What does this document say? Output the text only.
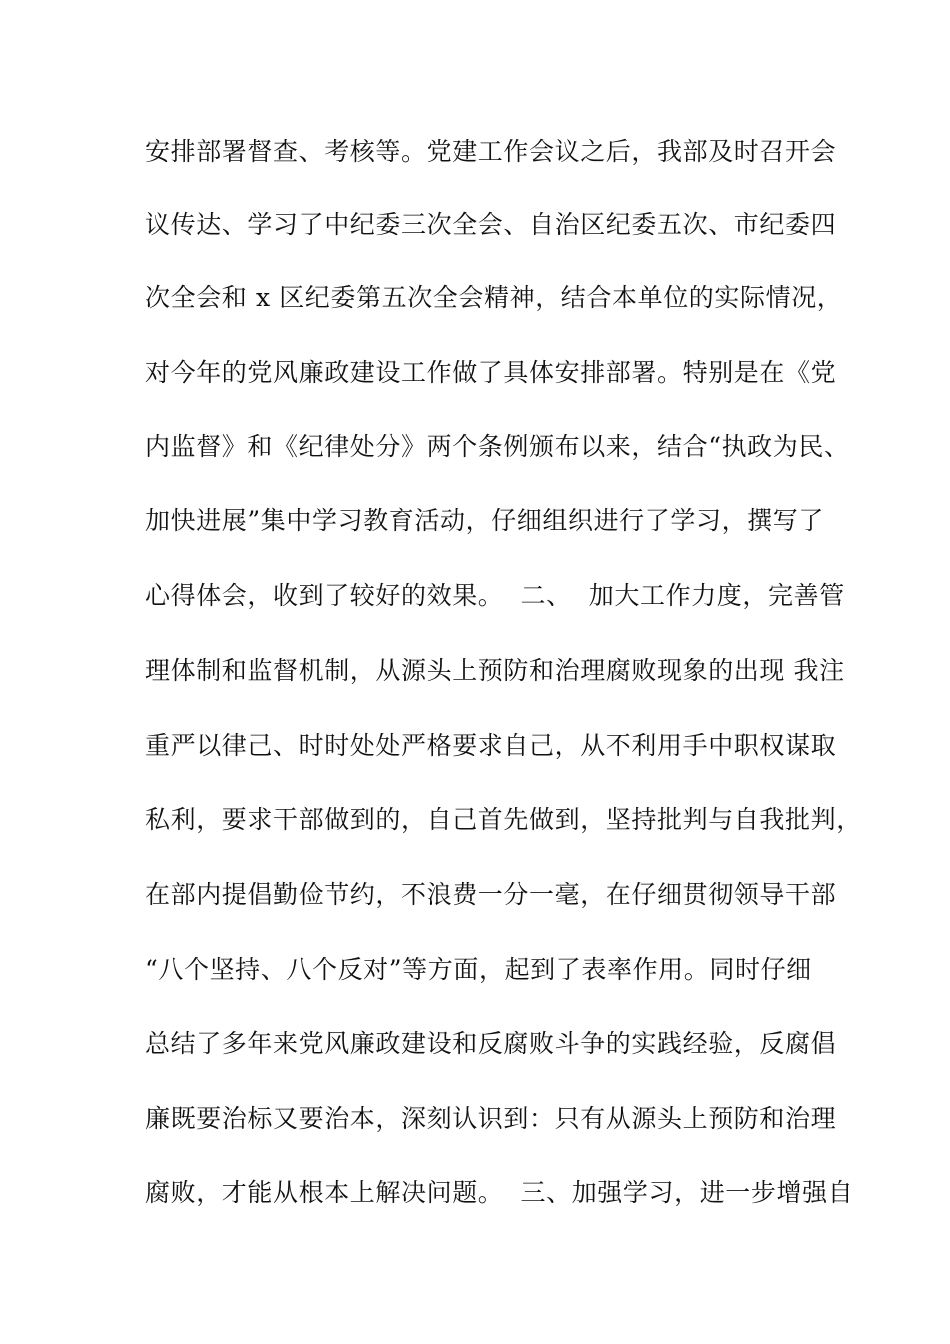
安排部署督查、考核等。党建工作会议之后，我部及时召开会
议传达、学习了中纪委三次全会、自治区纪委五次、市纪委四
次全会和 x 区纪委第五次全会精神，结合本单位的实际情况，
对今年的党风廉政建设工作做了具体安排部署。特别是在《党
内监督》和《纪律处分》两个条例颁布以来，结合“执政为民、
加快进展”集中学习教育活动，仔细组织进行了学习，撰写了
心得体会，收到了较好的效果。  二、  加大工作力度，完善管
理体制和监督机制，从源头上预防和治理腐败现象的出现 我注
重严以律己、时时处处严格要求自己，从不利用手中职权谋取
私利，要求干部做到的，自己首先做到，坚持批判与自我批判，
在部内提倡勤俭节约，不浪费一分一毫，在仔细贯彻领导干部
“八个坚持、八个反对”等方面，起到了表率作用。同时仔细
总结了多年来党风廉政建设和反腐败斗争的实践经验，反腐倡
廉既要治标又要治本，深刻认识到：只有从源头上预防和治理
腐败，才能从根本上解决问题。  三、加强学习，进一步增强自
